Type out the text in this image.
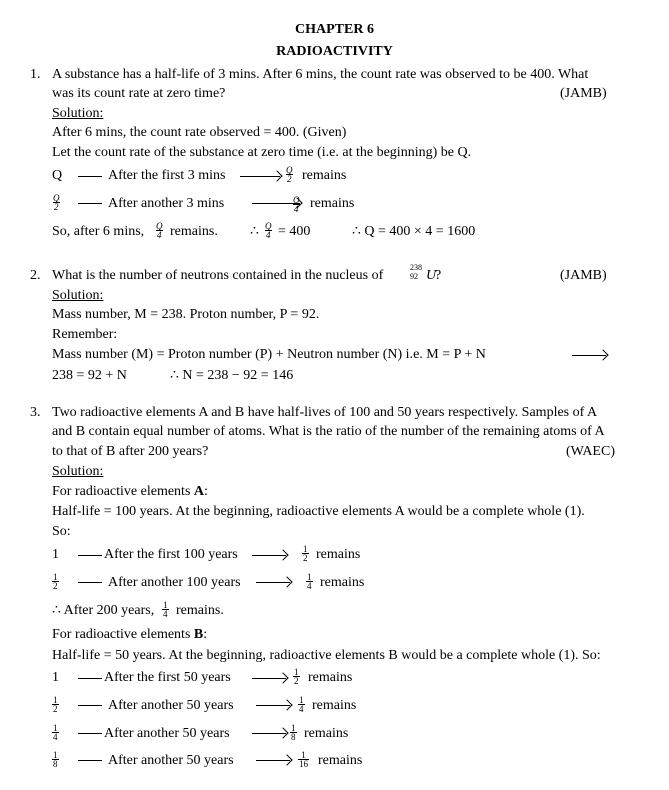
CHAPTER 6
RADIOACTIVITY
1. A substance has a half-life of 3 mins. After 6 mins, the count rate was observed to be 400. What
was its count rate at zero time?	(JAMB)
Solution:
After 6 mins, the count rate observed = 400. (Given)
Let the count rate of the substance at zero time (i.e. at the beginning) be Q.
Q	After the first 3 mins	$\frac{Q}{2}$ remains
$\frac{Q}{2}$	After another 3 mins	$\frac{Q}{4}$ remains
So, after 6 mins, $\frac{Q}{4}$ remains. ∴ $\frac{Q}{4} = 400$	∴ Q = 400 × 4 = 1600
2. What is the number of neutrons contained in the nucleus of
238
92 U
?	(JAMB)
Solution:
Mass number, M = 238. Proton number, P = 92.
Remember:
Mass number (M) = Proton number (P) + Neutron number (N) i.e. M = P + N
238 = 92 + N	∴ N = 238 − 92 = 146
3. Two radioactive elements A and B have half-lives of 100 and 50 years respectively. Samples of A
and B contain equal number of atoms. What is the ratio of the number of the remaining atoms of A
to that of B after 200 years?	(WAEC)
Solution:
For radioactive elements A:
Half-life = 100 years. At the beginning, radioactive elements A would be a complete whole (1).
So:
1	After the first 100 years	$\frac{1}{2}$ remains
$\frac{1}{2}$	After another 100 years	$\frac{1}{4}$ remains
∴ After 200 years, $\frac{1}{4}$ remains.
For radioactive elements B:
Half-life = 50 years. At the beginning, radioactive elements B would be a complete whole (1). So:
1	After the first 50 years	$\frac{1}{2}$ remains
$\frac{1}{2}$	After another 50 years	$\frac{1}{4}$ remains
$\frac{1}{4}$	After another 50 years	$\frac{1}{8}$ remains
$\frac{1}{8}$	After another 50 years	$\frac{1}{16}$ remains
